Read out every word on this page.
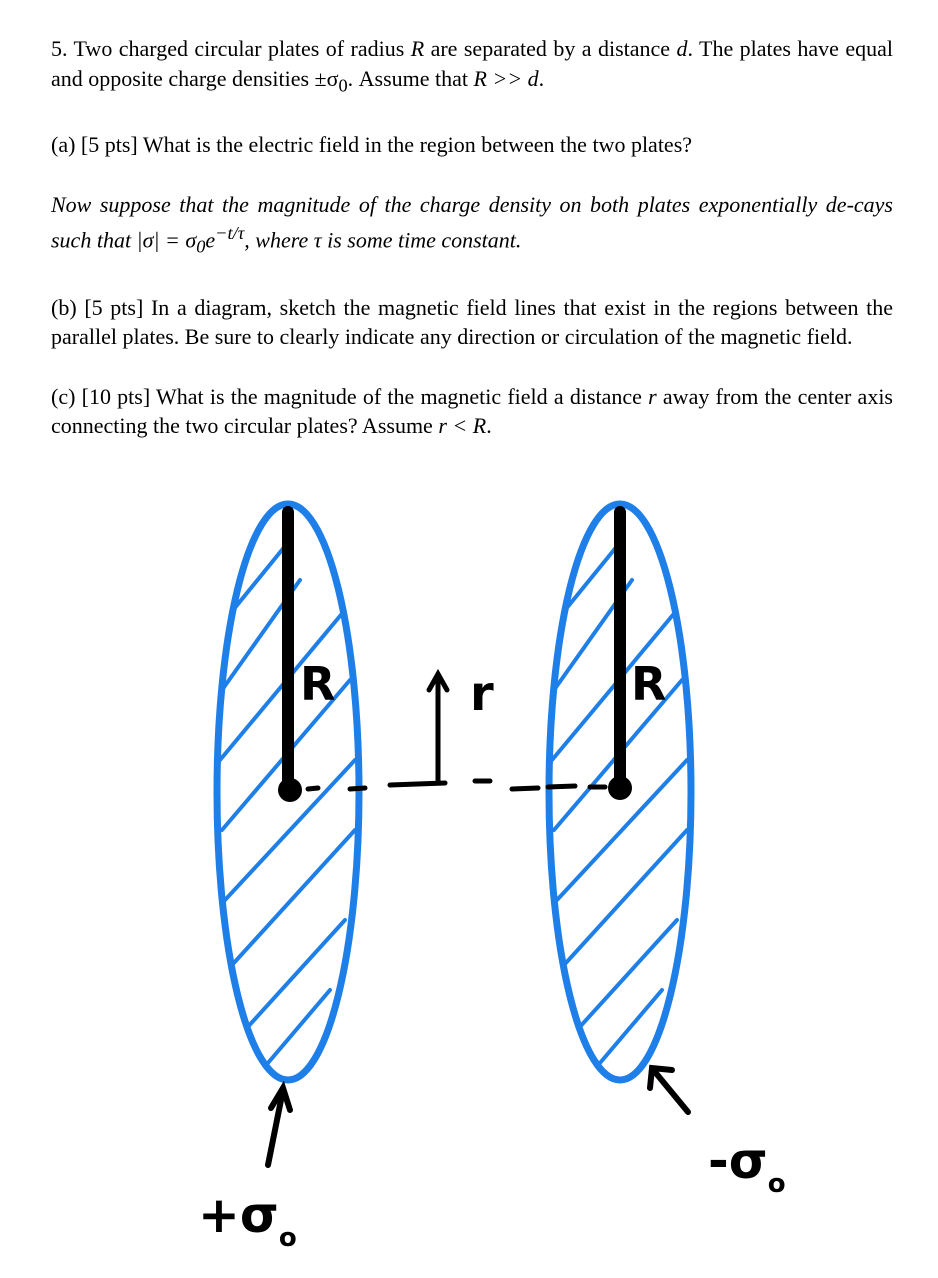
5. Two charged circular plates of radius R are separated by a distance d. The plates have equal and opposite charge densities $\pm\sigma_0$. Assume that R >> d.

(a) [5 pts] What is the electric field in the region between the two plates?

Now suppose that the magnitude of the charge density on both plates exponentially de-cays such that $|\sigma| = \sigma_0e^{-t/\tau}$, where τ is some time constant.

(b) [5 pts] In a diagram, sketch the magnetic field lines that exist in the regions between the parallel plates. Be sure to clearly indicate any direction or circulation of the magnetic field.

(c) [10 pts] What is the magnitude of the magnetic field a distance r away from the center axis connecting the two circular plates? Assume r < R.

R	R
r
$+\sigma_o$
$-\sigma_o$
